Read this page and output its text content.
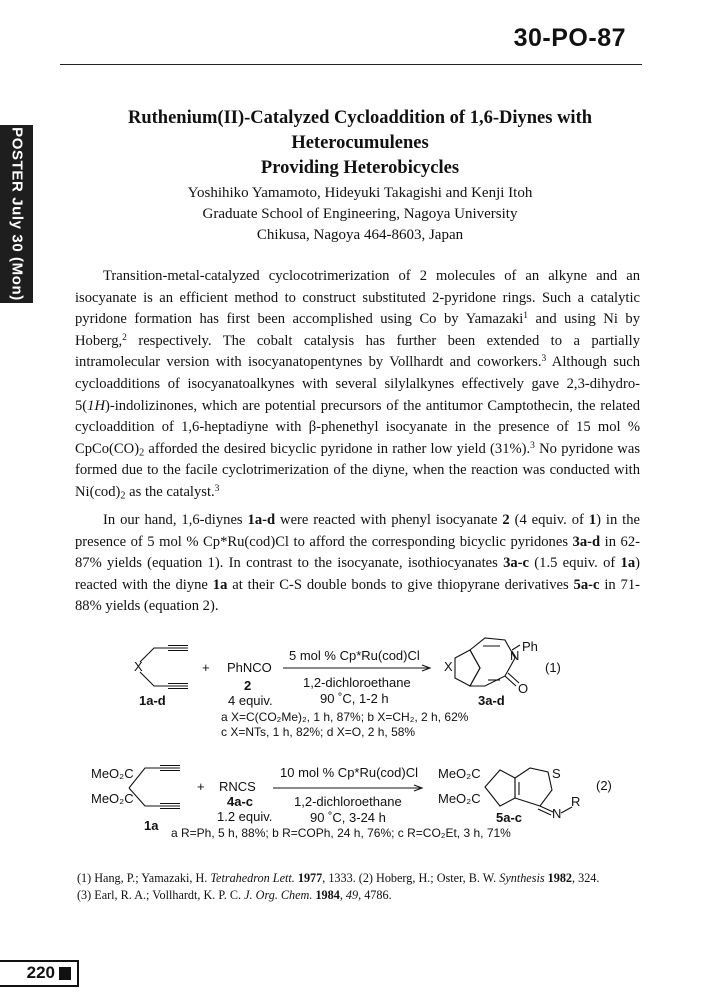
30-PO-87
POSTER July 30 (Mon)
Ruthenium(II)-Catalyzed Cycloaddition of 1,6-Diynes with Heterocumulenes
Providing Heterobicycles
Yoshihiko Yamamoto, Hideyuki Takagishi and Kenji Itoh
Graduate School of Engineering, Nagoya University
Chikusa, Nagoya 464-8603, Japan

Transition-metal-catalyzed cyclocotrimerization of 2 molecules of an alkyne and an isocyanate is an efficient method to construct substituted 2-pyridone rings. Such a catalytic pyridone formation has first been accomplished using Co by Yamazaki$^1$ and using Ni by Hoberg,$^2$ respectively. The cobalt catalysis has further been extended to a partially intramolecular version with isocyanatopentynes by Vollhardt and coworkers.$^3$ Although such cycloadditions of isocyanatoalkynes with several silylalkynes effectively gave 2,3-dihydro-5(1H)-indolizinones, which are potential precursors of the antitumor Camptothecin, the related cycloaddition of 1,6-heptadiyne with β-phenethyl isocyanate in the presence of 15 mol % $CpCo(CO)_2$ afforded the desired bicyclic pyridone in rather low yield (31%).$^3$ No pyridone was formed due to the facile cyclotrimerization of the diyne, when the reaction was conducted with $Ni(cod)_2$ as the catalyst.$^3$

In our hand, 1,6-diynes 1a-d were reacted with phenyl isocyanate 2 (4 equiv. of 1) in the presence of 5 mol % Cp*Ru(cod)Cl to afford the corresponding bicyclic pyridones 3a-d in 62-87% yields (equation 1). In contrast to the isocyanate, isothiocyanates 3a-c (1.5 equiv. of 1a) reacted with the diyne 1a at their C-S double bonds to give thiopyrane derivatives 5a-c in 71-88% yields (equation 2).

X
1a-d
+ PhNCO
2
4 equiv.
5 mol % Cp*Ru(cod)Cl
1,2-dichloroethane
90 ˚C, 1-2 h
X
N
Ph
O
3a-d
(1)
a X=C(CO₂Me)₂, 1 h, 87%; b X=CH₂, 2 h, 62%
c X=NTs, 1 h, 82%; d X=O, 2 h, 58%
MeO₂C
MeO₂C
1a
+ RNCS
4a-c
1.2 equiv.
10 mol % Cp*Ru(cod)Cl
1,2-dichloroethane
90 ˚C, 3-24 h
MeO₂C
MeO₂C
S
N
R
5a-c
(2)
a R=Ph, 5 h, 88%; b R=COPh, 24 h, 76%; c R=CO₂Et, 3 h, 71%
(1) Hang, P.; Yamazaki, H. Tetrahedron Lett. 1977, 1333. (2) Hoberg, H.; Oster, B. W. Synthesis 1982, 324.
(3) Earl, R. A.; Vollhardt, K. P. C. J. Org. Chem. 1984, 49, 4786.
220
